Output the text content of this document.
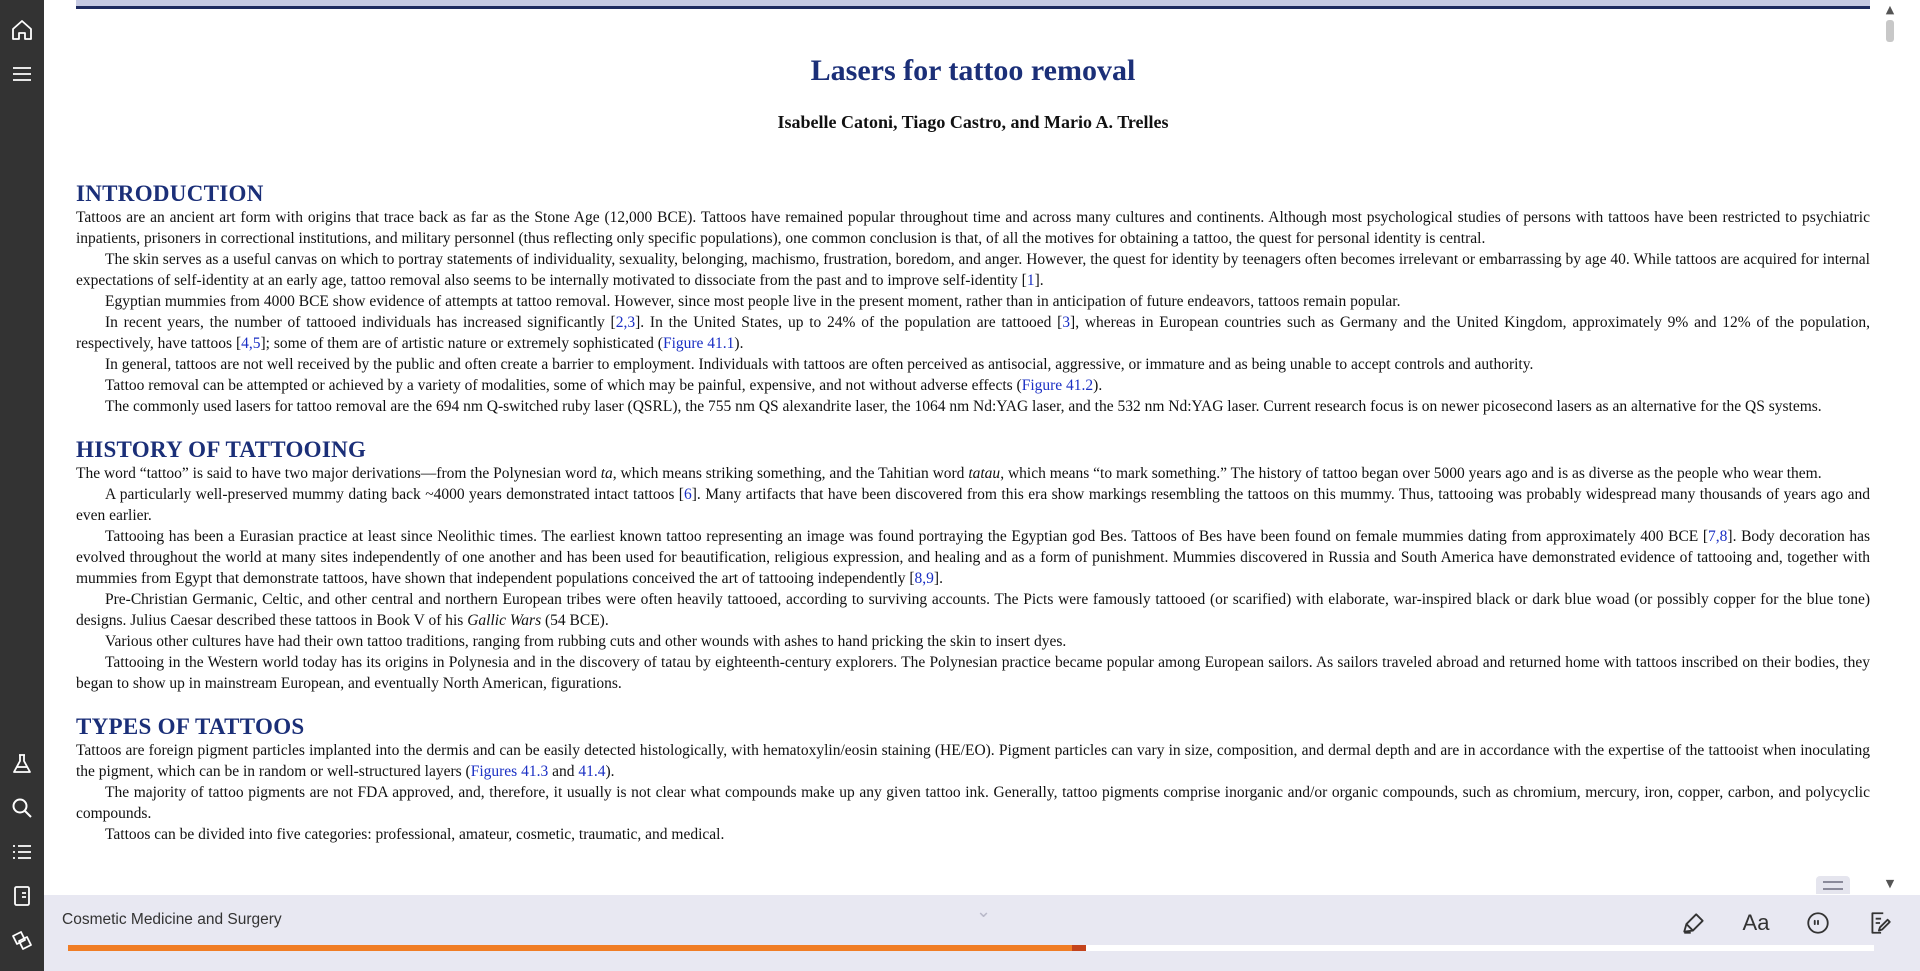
Lasers for tattoo removal
Isabelle Catoni, Tiago Castro, and Mario A. Trelles
INTRODUCTION

Tattoos are an ancient art form with origins that trace back as far as the Stone Age (12,000 BCE). Tattoos have remained popular throughout time and across many cultures and continents. Although most psychological studies of persons with tattoos have been restricted to psychiatric inpatients, prisoners in correctional institutions, and military personnel (thus reflecting only specific populations), one common conclusion is that, of all the motives for obtaining a tattoo, the quest for personal identity is central.

The skin serves as a useful canvas on which to portray statements of individuality, sexuality, belonging, machismo, frustration, boredom, and anger. However, the quest for identity by teenagers often becomes irrelevant or embarrassing by age 40. While tattoos are acquired for internal expectations of self-identity at an early age, tattoo removal also seems to be internally motivated to dissociate from the past and to improve self-identity [1].

Egyptian mummies from 4000 BCE show evidence of attempts at tattoo removal. However, since most people live in the present moment, rather than in anticipation of future endeavors, tattoos remain popular.

In recent years, the number of tattooed individuals has increased significantly [2,3]. In the United States, up to 24% of the population are tattooed [3], whereas in European countries such as Germany and the United Kingdom, approximately 9% and 12% of the population, respectively, have tattoos [4,5]; some of them are of artistic nature or extremely sophisticated (Figure 41.1).

In general, tattoos are not well received by the public and often create a barrier to employment. Individuals with tattoos are often perceived as antisocial, aggressive, or immature and as being unable to accept controls and authority.

Tattoo removal can be attempted or achieved by a variety of modalities, some of which may be painful, expensive, and not without adverse effects (Figure 41.2).

The commonly used lasers for tattoo removal are the 694 nm Q-switched ruby laser (QSRL), the 755 nm QS alexandrite laser, the 1064 nm Nd:YAG laser, and the 532 nm Nd:YAG laser. Current research focus is on newer picosecond lasers as an alternative for the QS systems.

HISTORY OF TATTOOING

The word “tattoo” is said to have two major derivations—from the Polynesian word ta, which means striking something, and the Tahitian word tatau, which means “to mark something.” The history of tattoo began over 5000 years ago and is as diverse as the people who wear them.

A particularly well-preserved mummy dating back ~4000 years demonstrated intact tattoos [6]. Many artifacts that have been discovered from this era show markings resembling the tattoos on this mummy. Thus, tattooing was probably widespread many thousands of years ago and even earlier.

Tattooing has been a Eurasian practice at least since Neolithic times. The earliest known tattoo representing an image was found portraying the Egyptian god Bes. Tattoos of Bes have been found on female mummies dating from approximately 400 BCE [7,8]. Body decoration has evolved throughout the world at many sites independently of one another and has been used for beautification, religious expression, and healing and as a form of punishment. Mummies discovered in Russia and South America have demonstrated evidence of tattooing and, together with mummies from Egypt that demonstrate tattoos, have shown that independent populations conceived the art of tattooing independently [8,9].

Pre-Christian Germanic, Celtic, and other central and northern European tribes were often heavily tattooed, according to surviving accounts. The Picts were famously tattooed (or scarified) with elaborate, war-inspired black or dark blue woad (or possibly copper for the blue tone) designs. Julius Caesar described these tattoos in Book V of his Gallic Wars (54 BCE).

Various other cultures have had their own tattoo traditions, ranging from rubbing cuts and other wounds with ashes to hand pricking the skin to insert dyes.

Tattooing in the Western world today has its origins in Polynesia and in the discovery of tatau by eighteenth-century explorers. The Polynesian practice became popular among European sailors. As sailors traveled abroad and returned home with tattoos inscribed on their bodies, they began to show up in mainstream European, and eventually North American, figurations.

TYPES OF TATTOOS

Tattoos are foreign pigment particles implanted into the dermis and can be easily detected histologically, with hematoxylin/eosin staining (HE/EO). Pigment particles can vary in size, composition, and dermal depth and are in accordance with the expertise of the tattooist when inoculating the pigment, which can be in random or well-structured layers (Figures 41.3 and 41.4).

The majority of tattoo pigments are not FDA approved, and, therefore, it usually is not clear what compounds make up any given tattoo ink. Generally, tattoo pigments comprise inorganic and/or organic compounds, such as chromium, mercury, iron, copper, carbon, and polycyclic compounds.

Tattoos can be divided into five categories: professional, amateur, cosmetic, traumatic, and medical.

▲
▼
Cosmetic Medicine and Surgery	⌄	Aa
